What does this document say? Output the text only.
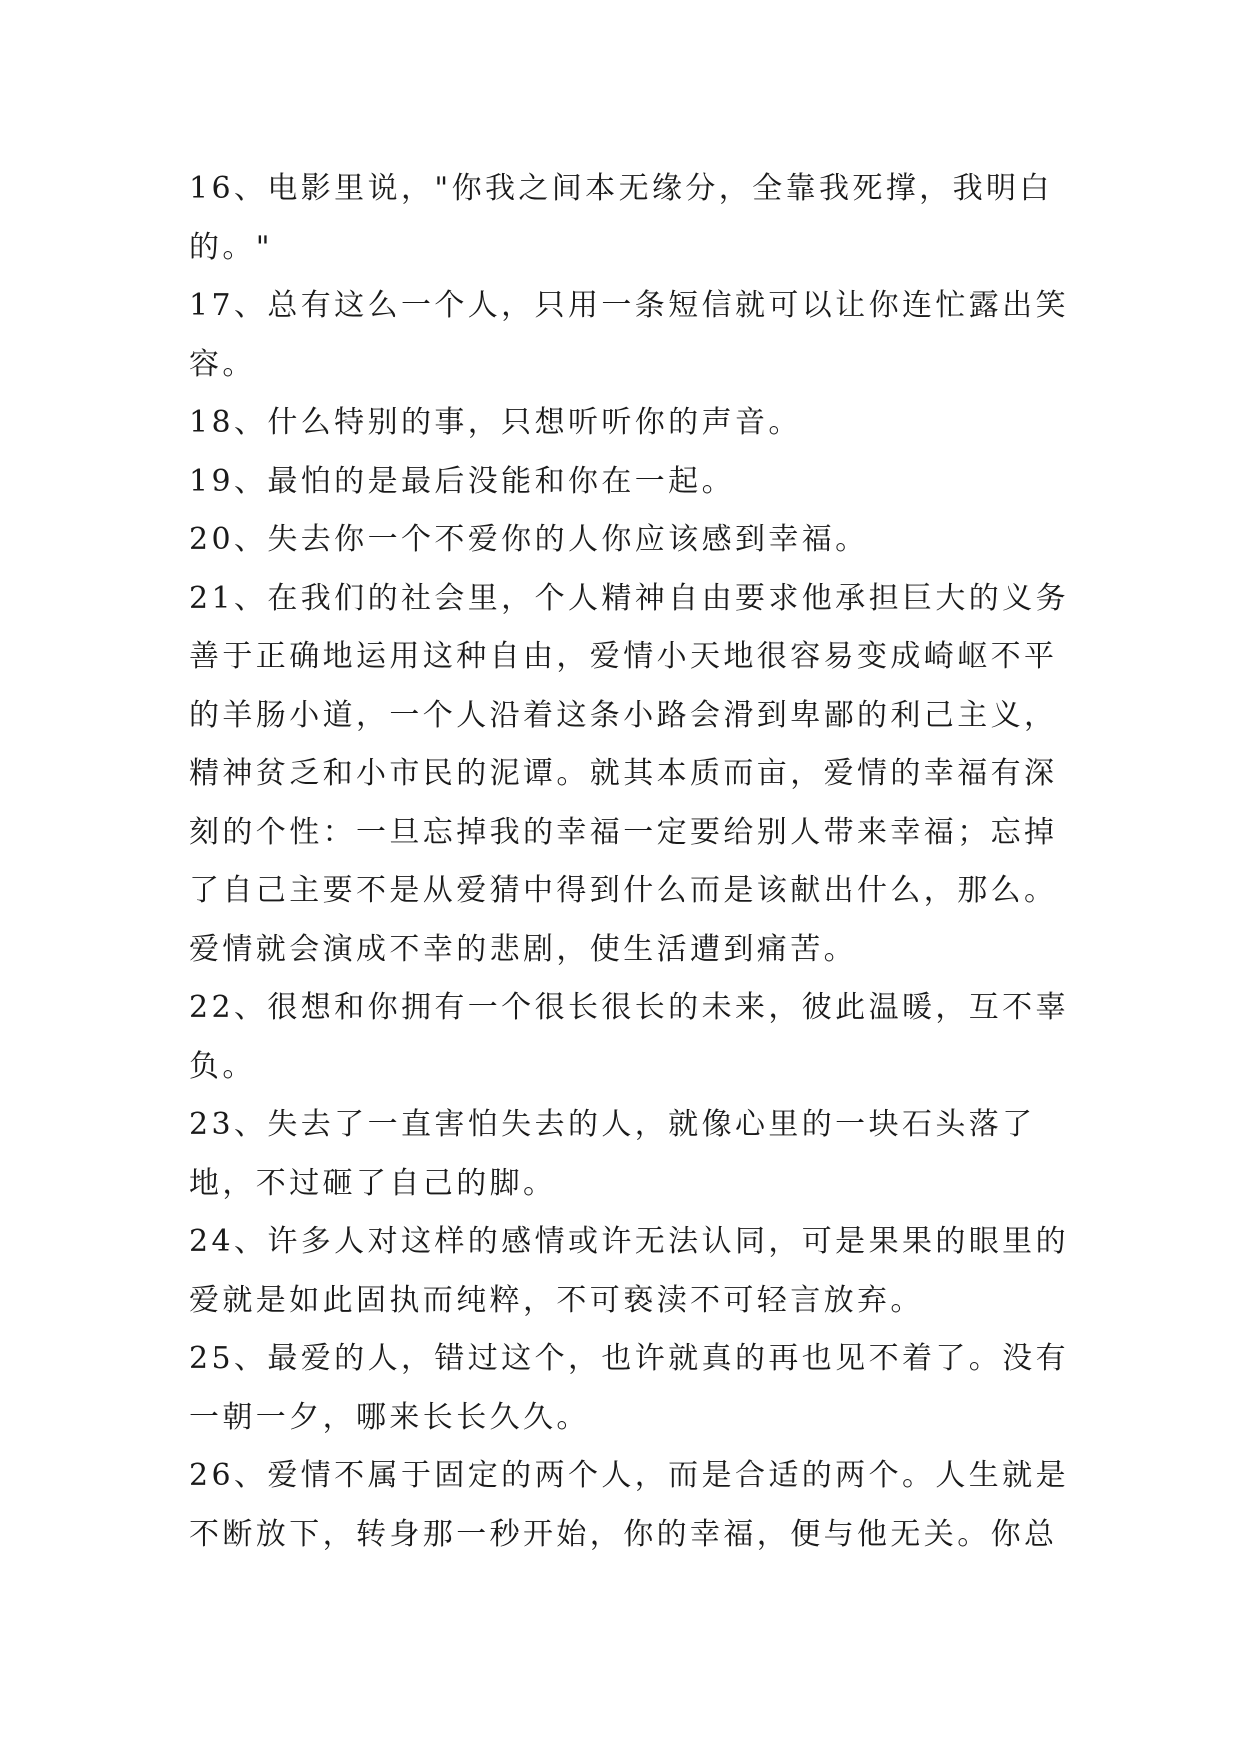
16、电影里说，"你我之间本无缘分，全靠我死撑，我明白的。"

17、总有这么一个人，只用一条短信就可以让你连忙露出笑容。

18、什么特别的事，只想听听你的声音。

19、最怕的是最后没能和你在一起。

20、失去你一个不爱你的人你应该感到幸福。

21、在我们的社会里，个人精神自由要求他承担巨大的义务善于正确地运用这种自由，爱情小天地很容易变成崎岖不平的羊肠小道，一个人沿着这条小路会滑到卑鄙的利己主义，精神贫乏和小市民的泥谭。就其本质而亩，爱情的幸福有深刻的个性：一旦忘掉我的幸福一定要给别人带来幸福；忘掉了自己主要不是从爱猜中得到什么而是该献出什么，那么。爱情就会演成不幸的悲剧，使生活遭到痛苦。

22、很想和你拥有一个很长很长的未来，彼此温暖，互不辜负。

23、失去了一直害怕失去的人，就像心里的一块石头落了地，不过砸了自己的脚。

24、许多人对这样的感情或许无法认同，可是果果的眼里的爱就是如此固执而纯粹，不可亵渎不可轻言放弃。

25、最爱的人，错过这个，也许就真的再也见不着了。没有一朝一夕，哪来长长久久。

26、爱情不属于固定的两个人，而是合适的两个。人生就是不断放下，转身那一秒开始，你的幸福，便与他无关。你总
